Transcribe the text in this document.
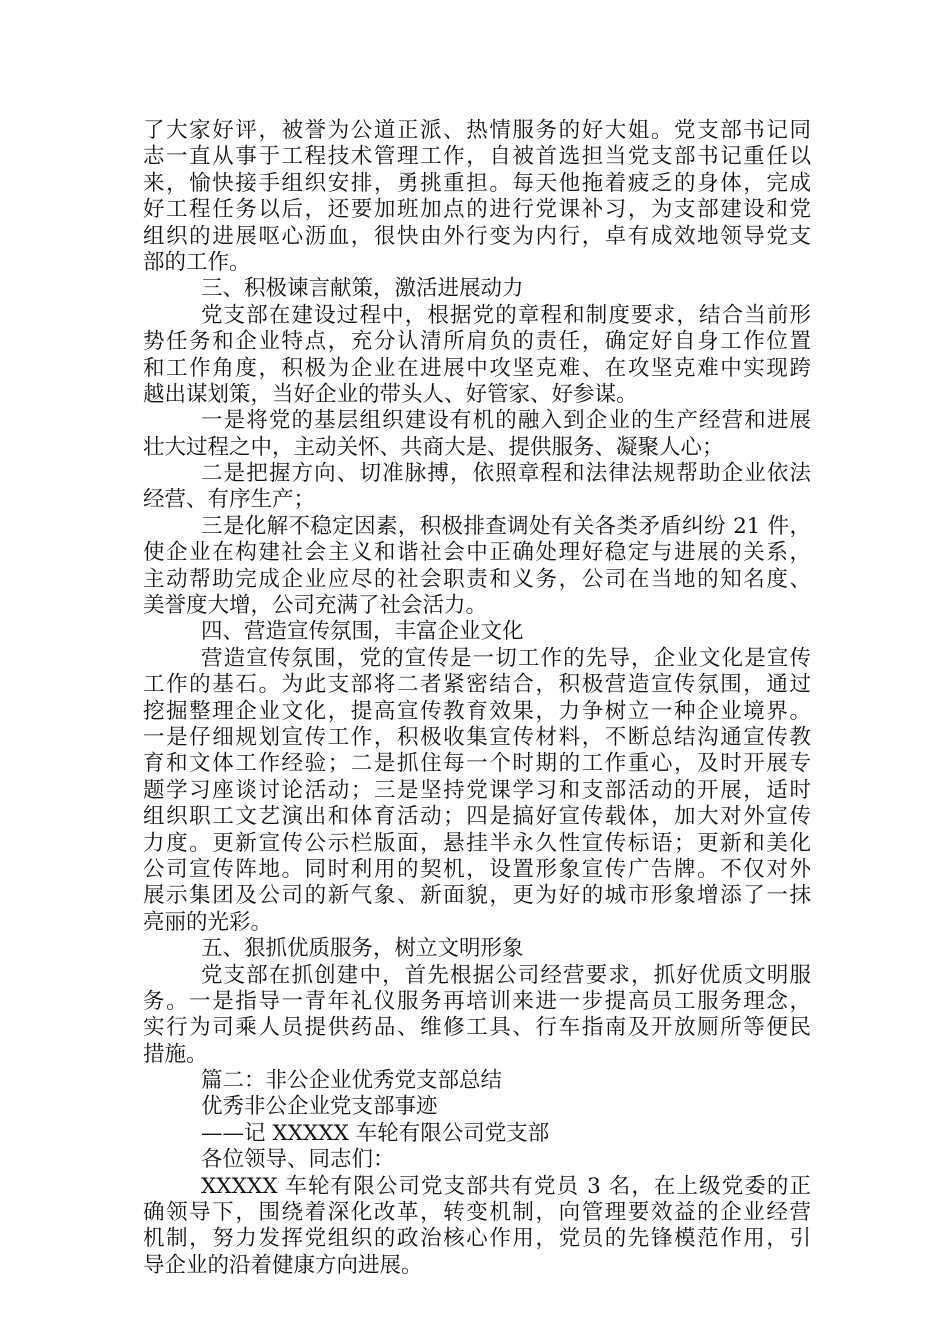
了大家好评，被誉为公道正派、热情服务的好大姐。党支部书记同
志一直从事于工程技术管理工作，自被首选担当党支部书记重任以
来，愉快接手组织安排，勇挑重担。每天他拖着疲乏的身体，完成
好工程任务以后，还要加班加点的进行党课补习，为支部建设和党
组织的进展呕心沥血，很快由外行变为内行，卓有成效地领导党支
部的工作。
三、积极谏言献策，激活进展动力
党支部在建设过程中，根据党的章程和制度要求，结合当前形
势任务和企业特点，充分认清所肩负的责任，确定好自身工作位置
和工作角度，积极为企业在进展中攻坚克难、在攻坚克难中实现跨
越出谋划策，当好企业的带头人、好管家、好参谋。
一是将党的基层组织建设有机的融入到企业的生产经营和进展
壮大过程之中，主动关怀、共商大是、提供服务、凝聚人心；
二是把握方向、切准脉搏，依照章程和法律法规帮助企业依法
经营、有序生产；
三是化解不稳定因素，积极排查调处有关各类矛盾纠纷 21 件，
使企业在构建社会主义和谐社会中正确处理好稳定与进展的关系，
主动帮助完成企业应尽的社会职责和义务，公司在当地的知名度、
美誉度大增，公司充满了社会活力。
四、营造宣传氛围，丰富企业文化
营造宣传氛围，党的宣传是一切工作的先导，企业文化是宣传
工作的基石。为此支部将二者紧密结合，积极营造宣传氛围，通过
挖掘整理企业文化，提高宣传教育效果，力争树立一种企业境界。
一是仔细规划宣传工作，积极收集宣传材料，不断总结沟通宣传教
育和文体工作经验；二是抓住每一个时期的工作重心，及时开展专
题学习座谈讨论活动；三是坚持党课学习和支部活动的开展，适时
组织职工文艺演出和体育活动；四是搞好宣传载体，加大对外宣传
力度。更新宣传公示栏版面，悬挂半永久性宣传标语；更新和美化
公司宣传阵地。同时利用的契机，设置形象宣传广告牌。不仅对外
展示集团及公司的新气象、新面貌，更为好的城市形象增添了一抹
亮丽的光彩。
五、狠抓优质服务，树立文明形象
党支部在抓创建中，首先根据公司经营要求，抓好优质文明服
务。一是指导一青年礼仪服务再培训来进一步提高员工服务理念，
实行为司乘人员提供药品、维修工具、行车指南及开放厕所等便民
措施。
篇二：非公企业优秀党支部总结
优秀非公企业党支部事迹
——记 XXXXX 车轮有限公司党支部
各位领导、同志们：
XXXXX 车轮有限公司党支部共有党员 3 名，在上级党委的正
确领导下，围绕着深化改革，转变机制，向管理要效益的企业经营
机制，努力发挥党组织的政治核心作用，党员的先锋模范作用，引
导企业的沿着健康方向进展。
